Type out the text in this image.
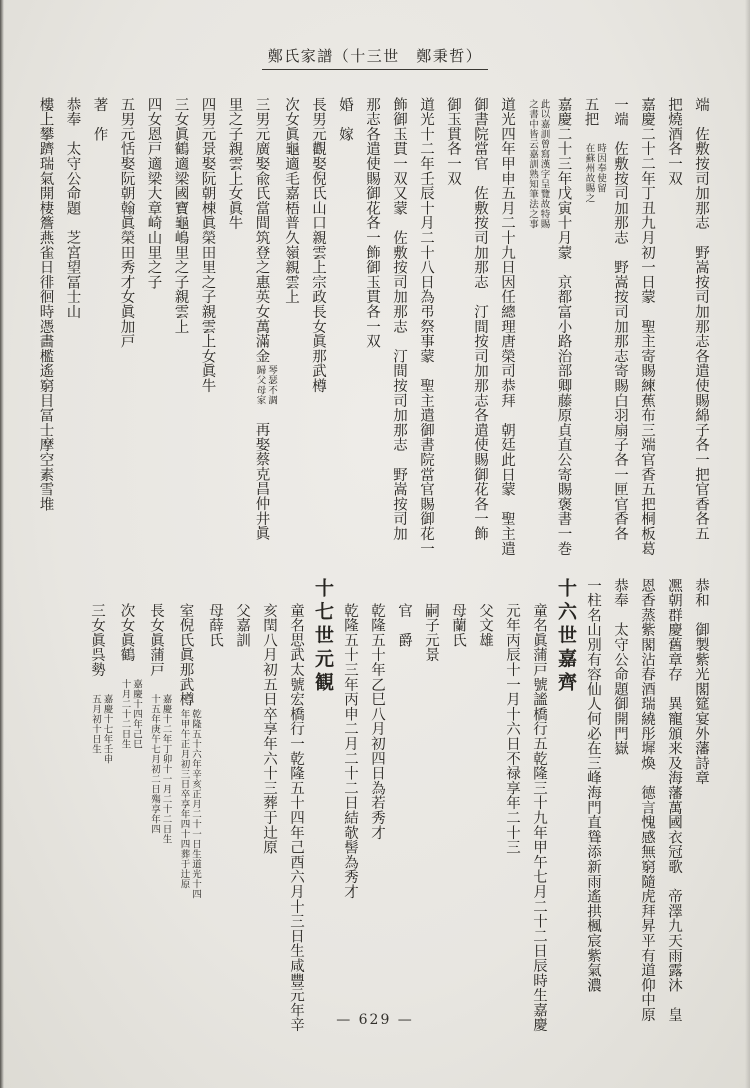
鄭氏家譜（十三世　鄭秉哲）
端　佐敷按司加那志　野嵩按司加那志各遣使賜綿子各一把官香各五
把燒酒各一双
嘉慶二十二年丁丑九月初一日蒙　聖主寄賜練蕉布三端官香五把桐板葛
一端　佐敷按司加那志　野嵩按司加那志寄賜白羽扇子各一匣官香各
五把　
時因奉使留
在蘇州故賜之
嘉慶二十三年戊寅十月蒙　京都富小路治部卿藤原貞直公寄賜褒書一巻
此以嘉訓曾寫漢字呈覽故特賜
之書中皆云嘉訓熟知筆法之事
道光四年甲申五月二十九日因任總理唐榮司恭拜　朝廷此日蒙　聖主遣
御書院當官　佐敷按司加那志　汀間按司加那志各遣使賜御花各一飾
御玉貫各一双
道光十二年壬辰十月二十八日為弔祭事蒙　聖主遣御書院當官賜御花一
飾御玉貫一双又蒙　佐敷按司加那志　汀間按司加那志　野嵩按司加
那志各遣使賜御花各一飾御玉貫各一双
婚　嫁
長男元觀娶倪氏山口親雲上宗政長女眞那武樽
次女眞龜適毛嘉梧普久嶺親雲上
三男元廣娶兪氏當間筑登之惠英女萬滿金
琴瑟不調
歸父母家
　再娶蔡克昌仲井眞
里之子親雲上女眞牛
四男元景娶阮朝棟眞榮田里之子親雲上女眞牛
三女眞鶴適梁國寶龜嶋里之子親雲上
四女恩戸適梁大章崎山里之子
五男元恬娶阮朝翰眞榮田秀才女眞加戸
著　作
恭奉　太守公命題　芝宮望冨士山
樓上攀躋瑞氣開棲簷燕雀日徘徊時憑畵檻遙窮目冨士摩空素雪堆
恭和　御製紫光閣筵宴外藩詩章
凞朝群慶舊章存　異寵頒来及海藩萬國衣冠歌　帝澤九天雨露沐　皇
恩香蒸紫閣沾春酒瑞繞彤墀煥　德言愧感無窮隨虎拜昇平有道仰中原
恭奉　太守公命題御開門嶽
一柱名山別有容仙人何必在三峰海門直聳添新雨遙拱楓宸紫氣濃
十六世嘉齊
童名眞蒲戸號謐橋行五乾隆三十九年甲午七月二十二日辰時生嘉慶
元年丙辰十一月十六日不禄享年二十三
父文雄
母蘭氏
嗣子元景
官　爵
乾隆五十年乙巳八月初四日為若秀才
乾隆五十三年丙申二月二十二日結欹髻為秀才
十七世元観
童名思武太號宏橋行一乾隆五十四年己酉六月十三日生咸豐元年辛
亥閏八月初五日卒享年六十三葬于辻原
父嘉訓
母薛氏
室倪氏眞那武樽
乾隆五十六年辛亥正月二十一日生道光十四
年甲午正月初三日卒享年四十四葬于辻原
長女眞蒲戸　
嘉慶十二年丁卯十一月二十二日生
十五年庚午七月初二日殤享年四
次女眞鶴　
嘉慶十四年己巳
十月二十二日生
三女眞呉勢　
嘉慶十七年壬申
五月初十日生
— 629 —
